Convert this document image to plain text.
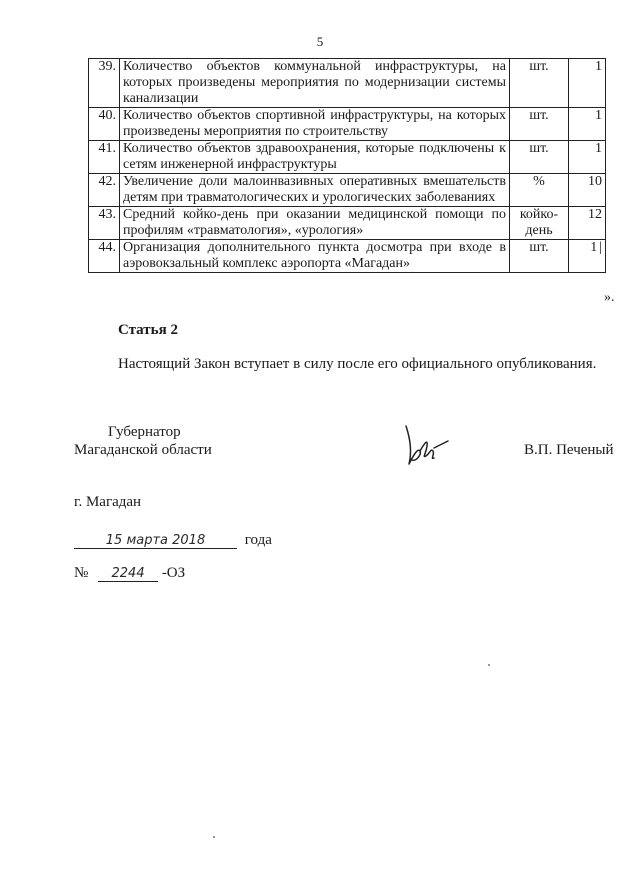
5
39.	Количество объектов коммунальной инфраструктуры, на которых произведены мероприятия по модернизации системы канализации	шт.	1
40.	Количество объектов спортивной инфраструктуры, на которых произведены мероприятия по строительству	шт.	1
41.	Количество объектов здравоохранения, которые подключены к сетям инженерной инфраструктуры	шт.	1
42.	Увеличение доли малоинвазивных оперативных вмешательств детям при травматологических и урологических заболеваниях	%	10
43.	Средний койко-день при оказании медицинской помощи по профилям «травматология», «урология»	койко-день	12
44.	Организация дополнительного пункта досмотра при входе в аэровокзальный комплекс аэропорта «Магадан»	шт.	1 |
».
Статья 2
Настоящий Закон вступает в силу после его официального опубликования.
Губернатор
Магаданской области	В.П. Печеный
г. Магадан
15 марта 2018	года
№ 2244 -ОЗ
